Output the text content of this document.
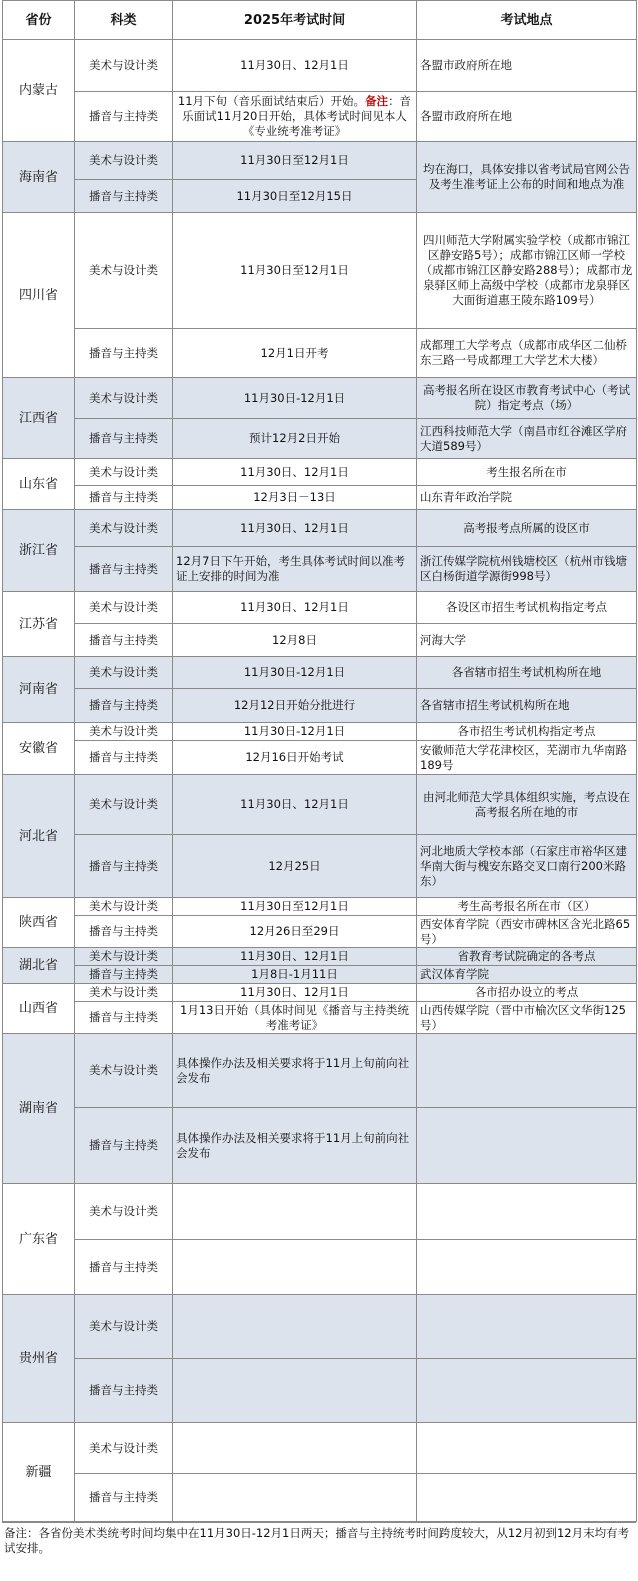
省份	科类	2025年考试时间	考试地点
内蒙古	美术与设计类	11月30日、12月1日	各盟市政府所在地
	播音与主持类	11月下旬（音乐面试结束后）开始。备注：音乐面试11月20日开始，具体考试时间见本人《专业统考准考证》	各盟市政府所在地
海南省	美术与设计类	11月30日至12月1日	均在海口，具体安排以省考试局官网公告及考生准考证上公布的时间和地点为准
	播音与主持类	11月30日至12月15日	
四川省	美术与设计类	11月30日至12月1日	四川师范大学附属实验学校（成都市锦江区静安路5号）；成都市锦江区师一学校（成都市锦江区静安路288号）；成都市龙泉驿区师上高级中学校（成都市龙泉驿区大面街道惠王陵东路109号）
	播音与主持类	12月1日开考	成都理工大学考点（成都市成华区二仙桥东三路一号成都理工大学艺术大楼）
江西省	美术与设计类	11月30日-12月1日	高考报名所在设区市教育考试中心（考试院）指定考点（场）
	播音与主持类	预计12月2日开始	江西科技师范大学（南昌市红谷滩区学府大道589号）
山东省	美术与设计类	11月30日、12月1日	考生报名所在市
	播音与主持类	12月3日－13日	山东青年政治学院
浙江省	美术与设计类	11月30日、12月1日	高考报考点所属的设区市
	播音与主持类	12月7日下午开始，考生具体考试时间以准考证上安排的时间为准	浙江传媒学院杭州钱塘校区（杭州市钱塘区白杨街道学源街998号）
江苏省	美术与设计类	11月30日、12月1日	各设区市招生考试机构指定考点
	播音与主持类	12月8日	河海大学
河南省	美术与设计类	11月30日-12月1日	各省辖市招生考试机构所在地
	播音与主持类	12月12日开始分批进行	各省辖市招生考试机构所在地
安徽省	美术与设计类	11月30日-12月1日	各市招生考试机构指定考点
	播音与主持类	12月16日开始考试	安徽师范大学花津校区，芜湖市九华南路189号
河北省	美术与设计类	11月30日、12月1日	由河北师范大学具体组织实施，考点设在高考报名所在地的市
	播音与主持类	12月25日	河北地质大学校本部（石家庄市裕华区建华南大街与槐安东路交叉口南行200米路东）
陕西省	美术与设计类	11月30日至12月1日	考生高考报名所在市（区）
	播音与主持类	12月26日至29日	西安体育学院（西安市碑林区含光北路65号）
湖北省	美术与设计类	11月30日、12月1日	省教育考试院确定的各考点
	播音与主持类	1月8日-1月11日	武汉体育学院
山西省	美术与设计类	11月30日、12月1日	各市招办设立的考点
	播音与主持类	1月13日开始（具体时间见《播音与主持类统考准考证》	山西传媒学院（晋中市榆次区文华街125号）
湖南省	美术与设计类	具体操作办法及相关要求将于11月上旬前向社会发布	
	播音与主持类	具体操作办法及相关要求将于11月上旬前向社会发布	
广东省	美术与设计类		
	播音与主持类		
贵州省	美术与设计类		
	播音与主持类		
新疆	美术与设计类		
	播音与主持类		
备注：各省份美术类统考时间均集中在11月30日-12月1日两天；播音与主持统考时间跨度较大，从12月初到12月末均有考试安排。
